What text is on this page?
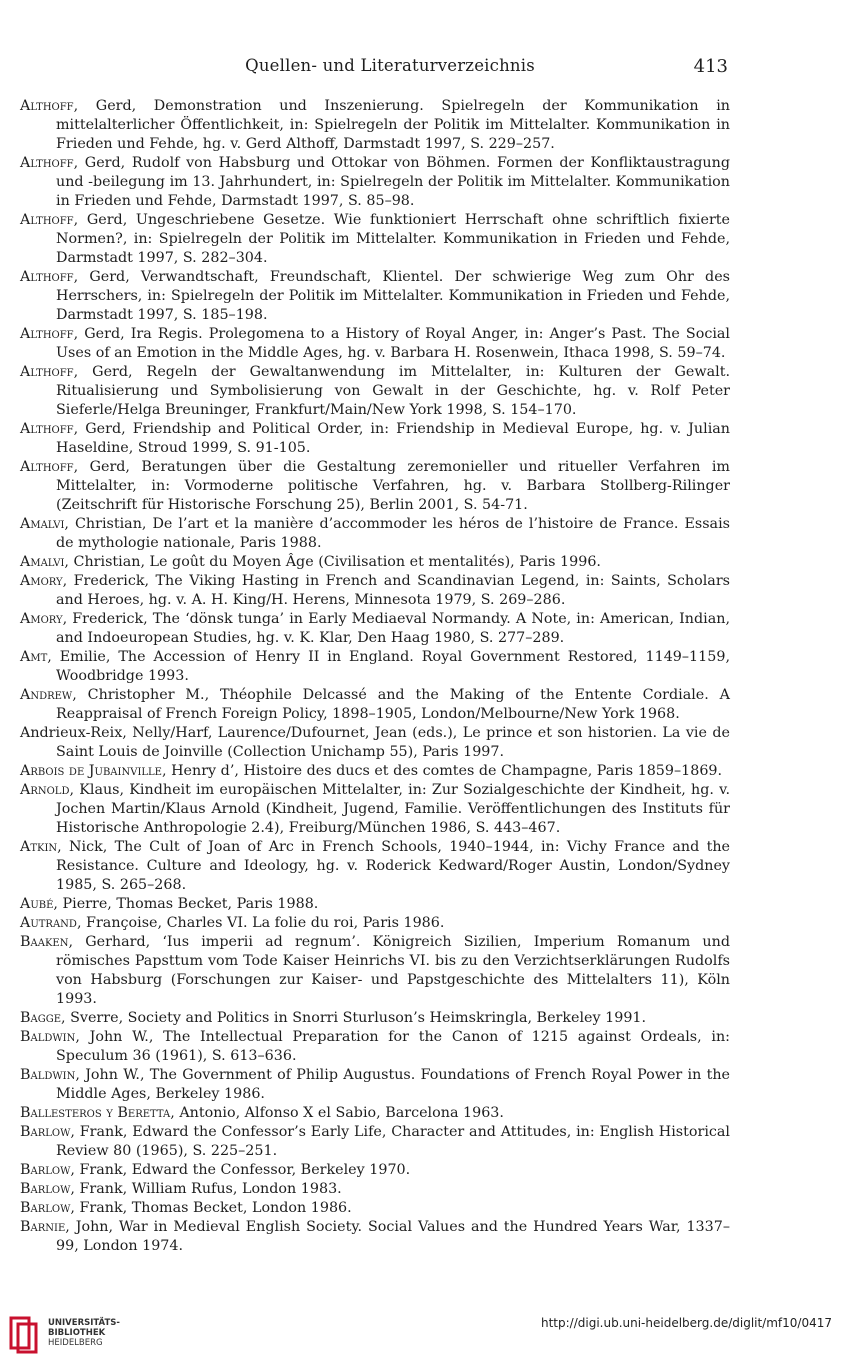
Quellen- und Literaturverzeichnis	413
Althoff, Gerd, Demonstration und Inszenierung. Spielregeln der Kommunikation in mittelalterlicher Öffentlichkeit, in: Spielregeln der Politik im Mittelalter. Kommunikation in Frieden und Fehde, hg. v. Gerd Althoff, Darmstadt 1997, S. 229–257.
Althoff, Gerd, Rudolf von Habsburg und Ottokar von Böhmen. Formen der Konfliktaustragung und -beilegung im 13. Jahrhundert, in: Spielregeln der Politik im Mittelalter. Kommunikation in Frieden und Fehde, Darmstadt 1997, S. 85–98.
Althoff, Gerd, Ungeschriebene Gesetze. Wie funktioniert Herrschaft ohne schriftlich fixierte Normen?, in: Spielregeln der Politik im Mittelalter. Kommunikation in Frieden und Fehde, Darmstadt 1997, S. 282–304.
Althoff, Gerd, Verwandtschaft, Freundschaft, Klientel. Der schwierige Weg zum Ohr des Herrschers, in: Spielregeln der Politik im Mittelalter. Kommunikation in Frieden und Fehde, Darmstadt 1997, S. 185–198.
Althoff, Gerd, Ira Regis. Prolegomena to a History of Royal Anger, in: Anger’s Past. The Social Uses of an Emotion in the Middle Ages, hg. v. Barbara H. Rosenwein, Ithaca 1998, S. 59–74.
Althoff, Gerd, Regeln der Gewaltanwendung im Mittelalter, in: Kulturen der Gewalt. Ritualisierung und Symbolisierung von Gewalt in der Geschichte, hg. v. Rolf Peter Sieferle/Helga Breuninger, Frankfurt/Main/New York 1998, S. 154–170.
Althoff, Gerd, Friendship and Political Order, in: Friendship in Medieval Europe, hg. v. Julian Haseldine, Stroud 1999, S. 91-105.
Althoff, Gerd, Beratungen über die Gestaltung zeremonieller und ritueller Verfahren im Mittelalter, in: Vormoderne politische Verfahren, hg. v. Barbara Stollberg-Rilinger (Zeitschrift für Historische Forschung 25), Berlin 2001, S. 54-71.
Amalvi, Christian, De l’art et la manière d’accommoder les héros de l’histoire de France. Essais de mythologie nationale, Paris 1988.
Amalvi, Christian, Le goût du Moyen Âge (Civilisation et mentalités), Paris 1996.
Amory, Frederick, The Viking Hasting in French and Scandinavian Legend, in: Saints, Scholars and Heroes, hg. v. A. H. King/H. Herens, Minnesota 1979, S. 269–286.
Amory, Frederick, The ‘dönsk tunga’ in Early Mediaeval Normandy. A Note, in: American, Indian, and Indoeuropean Studies, hg. v. K. Klar, Den Haag 1980, S. 277–289.
Amt, Emilie, The Accession of Henry II in England. Royal Government Restored, 1149–1159, Woodbridge 1993.
Andrew, Christopher M., Théophile Delcassé and the Making of the Entente Cordiale. A Reappraisal of French Foreign Policy, 1898–1905, London/Melbourne/New York 1968.
Andrieux-Reix, Nelly/Harf, Laurence/Dufournet, Jean (eds.), Le prince et son historien. La vie de Saint Louis de Joinville (Collection Unichamp 55), Paris 1997.
Arbois de Jubainville, Henry d’, Histoire des ducs et des comtes de Champagne, Paris 1859–1869.
Arnold, Klaus, Kindheit im europäischen Mittelalter, in: Zur Sozialgeschichte der Kindheit, hg. v. Jochen Martin/Klaus Arnold (Kindheit, Jugend, Familie. Veröffentlichungen des Instituts für Historische Anthropologie 2.4), Freiburg/München 1986, S. 443–467.
Atkin, Nick, The Cult of Joan of Arc in French Schools, 1940–1944, in: Vichy France and the Resistance. Culture and Ideology, hg. v. Roderick Kedward/Roger Austin, London/Sydney 1985, S. 265–268.
Aubé, Pierre, Thomas Becket, Paris 1988.
Autrand, Françoise, Charles VI. La folie du roi, Paris 1986.
Baaken, Gerhard, ‘Ius imperii ad regnum’. Königreich Sizilien, Imperium Romanum und römisches Papsttum vom Tode Kaiser Heinrichs VI. bis zu den Verzichtserklärungen Rudolfs von Habsburg (Forschungen zur Kaiser- und Papstgeschichte des Mittelalters 11), Köln 1993.
Bagge, Sverre, Society and Politics in Snorri Sturluson’s Heimskringla, Berkeley 1991.
Baldwin, John W., The Intellectual Preparation for the Canon of 1215 against Ordeals, in: Speculum 36 (1961), S. 613–636.
Baldwin, John W., The Government of Philip Augustus. Foundations of French Royal Power in the Middle Ages, Berkeley 1986.
Ballesteros y Beretta, Antonio, Alfonso X el Sabio, Barcelona 1963.
Barlow, Frank, Edward the Confessor’s Early Life, Character and Attitudes, in: English Historical Review 80 (1965), S. 225–251.
Barlow, Frank, Edward the Confessor, Berkeley 1970.
Barlow, Frank, William Rufus, London 1983.
Barlow, Frank, Thomas Becket, London 1986.
Barnie, John, War in Medieval English Society. Social Values and the Hundred Years War, 1337–99, London 1974.
UNIVERSITÄTS-
BIBLIOTHEK
HEIDELBERG
http://digi.ub.uni-heidelberg.de/diglit/mf10/0417
